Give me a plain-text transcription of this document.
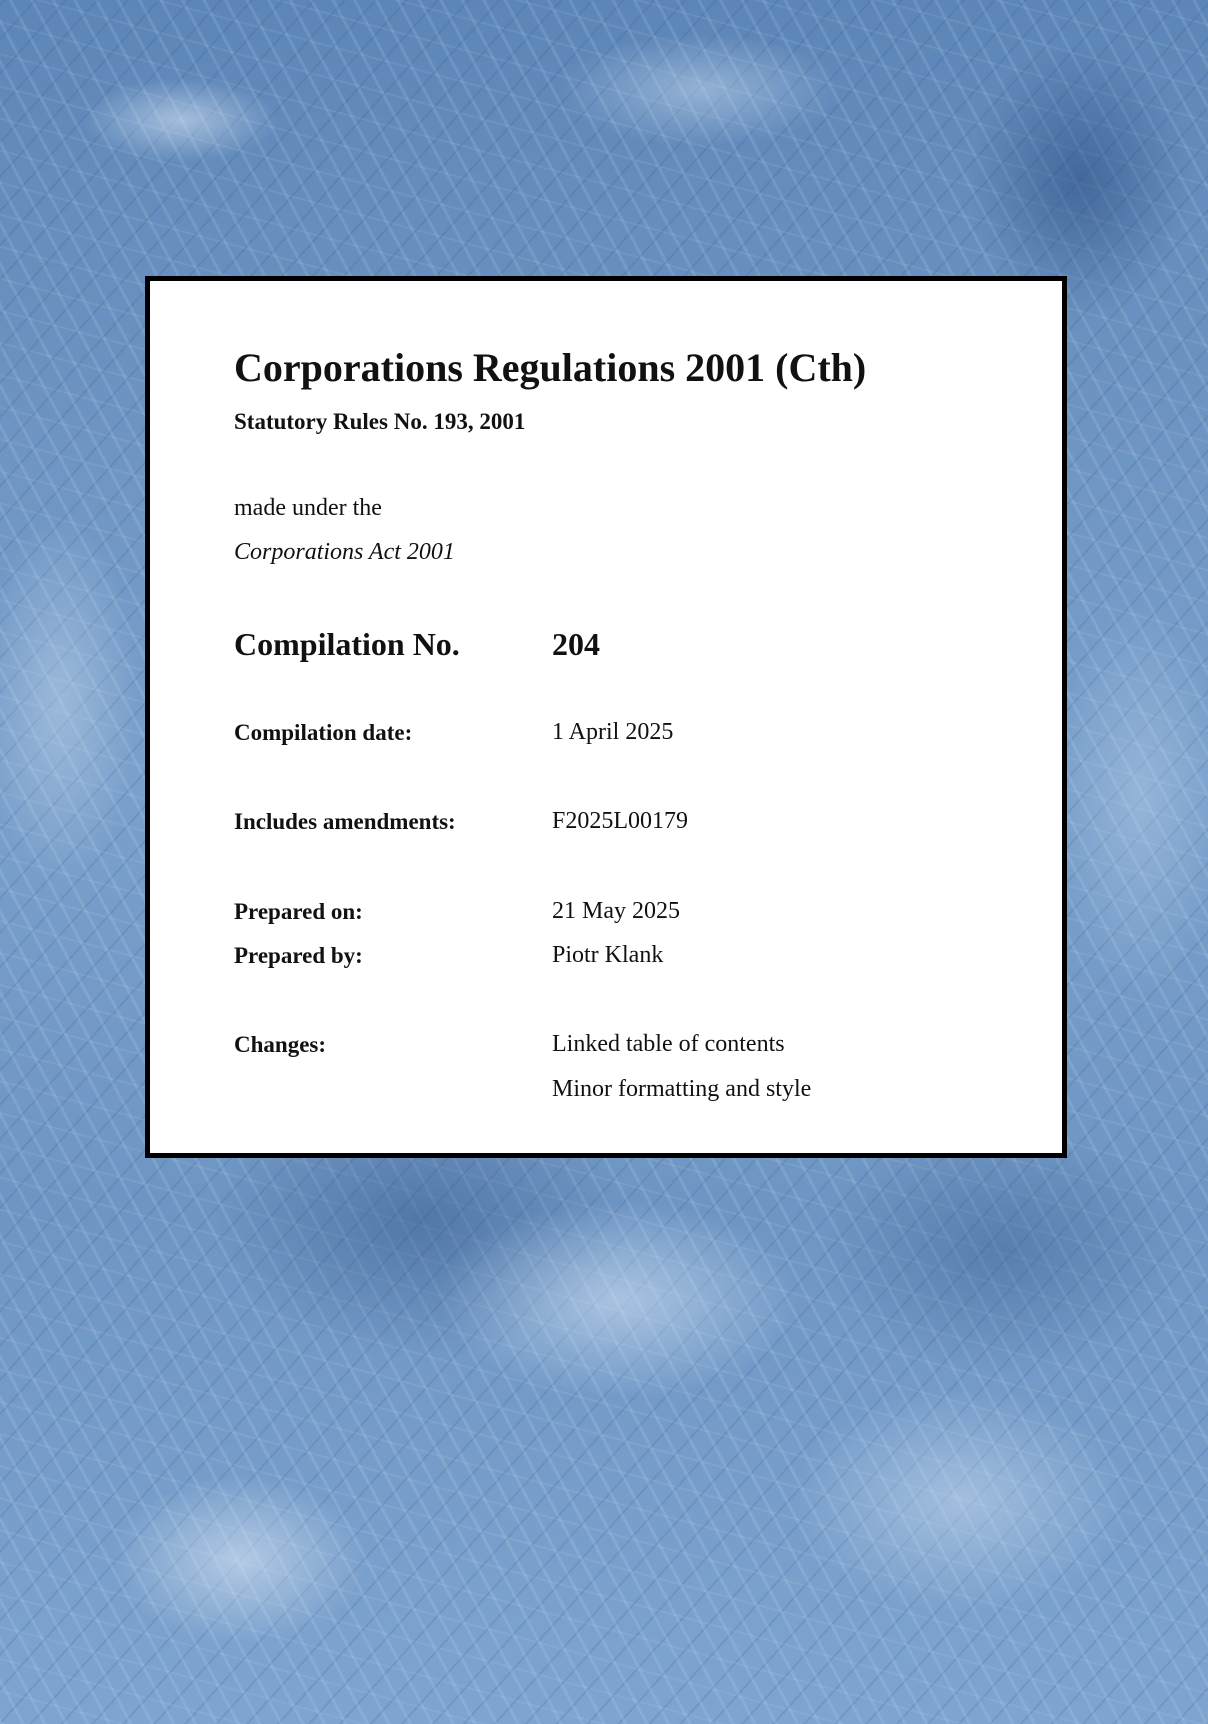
Corporations Regulations 2001 (Cth)
Statutory Rules No. 193, 2001
made under the
Corporations Act 2001
Compilation No.	204
Compilation date:	1 April 2025
Includes amendments:	F2025L00179
Prepared on:	21 May 2025
Prepared by:	Piotr Klank
Changes:	Linked table of contents
Minor formatting and style
